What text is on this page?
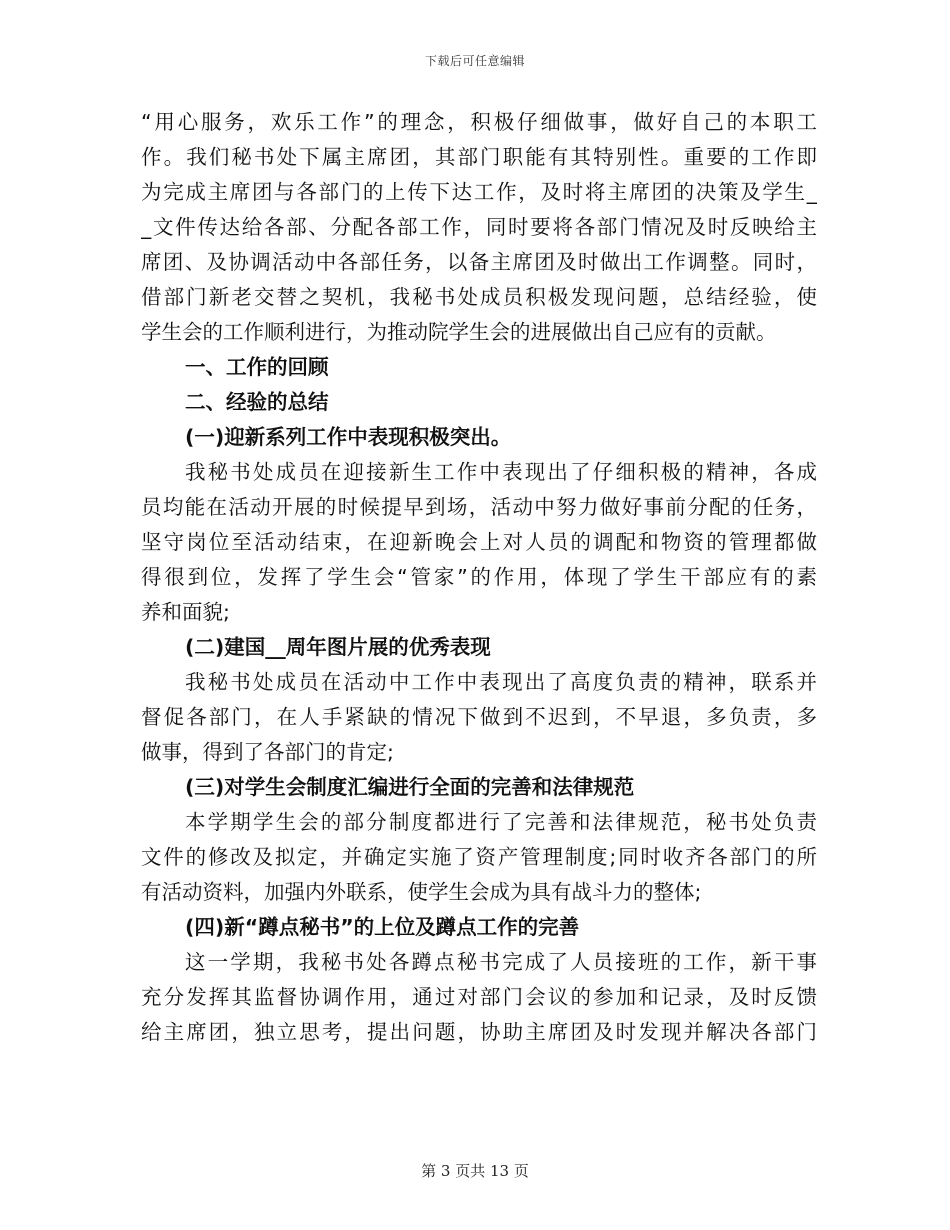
下载后可任意编辑
“用心服务，欢乐工作”的理念，积极仔细做事，做好自己的本职工
作。我们秘书处下属主席团，其部门职能有其特别性。重要的工作即
为完成主席团与各部门的上传下达工作，及时将主席团的决策及学生_
_文件传达给各部、分配各部工作，同时要将各部门情况及时反映给主
席团、及协调活动中各部任务，以备主席团及时做出工作调整。同时，
借部门新老交替之契机，我秘书处成员积极发现问题，总结经验，使
学生会的工作顺利进行，为推动院学生会的进展做出自己应有的贡献。
一、工作的回顾
二、经验的总结
(一)迎新系列工作中表现积极突出。
我秘书处成员在迎接新生工作中表现出了仔细积极的精神，各成
员均能在活动开展的时候提早到场，活动中努力做好事前分配的任务，
坚守岗位至活动结束，在迎新晚会上对人员的调配和物资的管理都做
得很到位，发挥了学生会“管家”的作用，体现了学生干部应有的素
养和面貌;
(二)建国__周年图片展的优秀表现
我秘书处成员在活动中工作中表现出了高度负责的精神，联系并
督促各部门，在人手紧缺的情况下做到不迟到，不早退，多负责，多
做事，得到了各部门的肯定;
(三)对学生会制度汇编进行全面的完善和法律规范
本学期学生会的部分制度都进行了完善和法律规范，秘书处负责
文件的修改及拟定，并确定实施了资产管理制度;同时收齐各部门的所
有活动资料，加强内外联系，使学生会成为具有战斗力的整体;
(四)新“蹲点秘书”的上位及蹲点工作的完善
这一学期，我秘书处各蹲点秘书完成了人员接班的工作，新干事
充分发挥其监督协调作用，通过对部门会议的参加和记录，及时反馈
给主席团，独立思考，提出问题，协助主席团及时发现并解决各部门
第 3 页共 13 页
